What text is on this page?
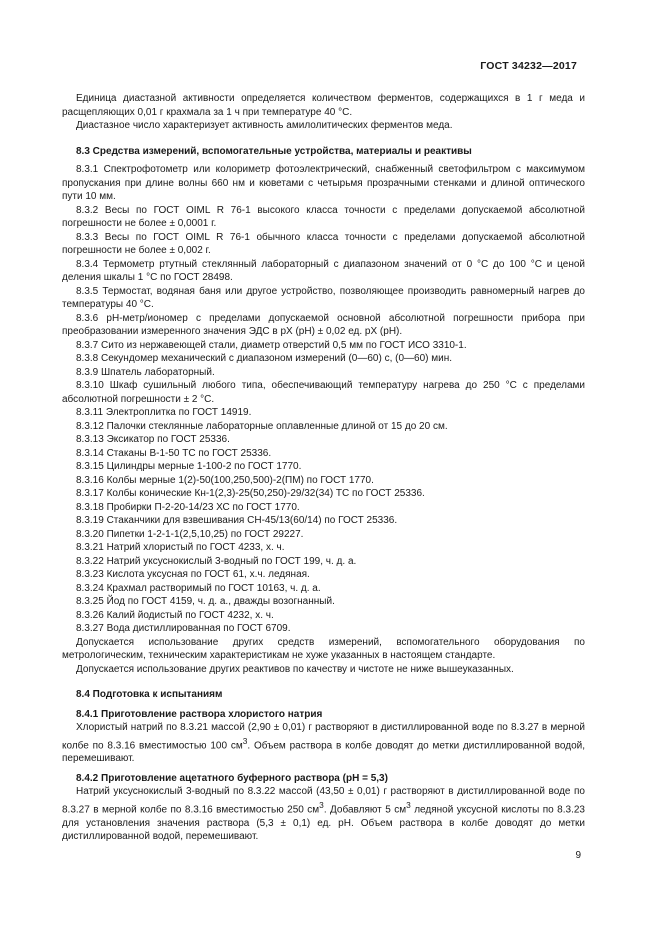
ГОСТ 34232—2017

Единица диастазной активности определяется количеством ферментов, содержащихся в 1 г меда и расщепляющих 0,01 г крахмала за 1 ч при температуре 40 °С.

Диастазное число характеризует активность амилолитических ферментов меда.

8.3 Средства измерений, вспомогательные устройства, материалы и реактивы

8.3.1 Спектрофотометр или колориметр фотоэлектрический, снабженный светофильтром с максимумом пропускания при длине волны 660 нм и кюветами с четырьмя прозрачными стенками и длиной оптического пути 10 мм.

8.3.2 Весы по ГОСТ OIML R 76-1 высокого класса точности с пределами допускаемой абсолютной погрешности не более ± 0,0001 г.

8.3.3 Весы по ГОСТ OIML R 76-1 обычного класса точности с пределами допускаемой абсолютной погрешности не более ± 0,002 г.

8.3.4 Термометр ртутный стеклянный лабораторный с диапазоном значений от 0 °С до 100 °С и ценой деления шкалы 1 °С по ГОСТ 28498.

8.3.5 Термостат, водяная баня или другое устройство, позволяющее производить равномерный нагрев до температуры 40 °С.

8.3.6 рН-метр/иономер с пределами допускаемой основной абсолютной погрешности прибора при преобразовании измеренного значения ЭДС в pX (pH) ± 0,02 ед. pX (pH).

8.3.7 Сито из нержавеющей стали, диаметр отверстий 0,5 мм по ГОСТ ИСО 3310-1.

8.3.8 Секундомер механический с диапазоном измерений (0—60) с, (0—60) мин.

8.3.9 Шпатель лабораторный.

8.3.10 Шкаф сушильный любого типа, обеспечивающий температуру нагрева до 250 °С с пределами абсолютной погрешности ± 2 °С.

8.3.11 Электроплитка по ГОСТ 14919.

8.3.12 Палочки стеклянные лабораторные оплавленные длиной от 15 до 20 см.

8.3.13 Эксикатор по ГОСТ 25336.

8.3.14 Стаканы В-1-50 ТС по ГОСТ 25336.

8.3.15 Цилиндры мерные 1-100-2 по ГОСТ 1770.

8.3.16 Колбы мерные 1(2)-50(100,250,500)-2(ПМ) по ГОСТ 1770.

8.3.17 Колбы конические Кн-1(2,3)-25(50,250)-29/32(34) ТС по ГОСТ 25336.

8.3.18 Пробирки П-2-20-14/23 ХС по ГОСТ 1770.

8.3.19 Стаканчики для взвешивания СН-45/13(60/14) по ГОСТ 25336.

8.3.20 Пипетки 1-2-1-1(2,5,10,25) по ГОСТ 29227.

8.3.21 Натрий хлористый по ГОСТ 4233, х. ч.

8.3.22 Натрий уксуснокислый 3-водный по ГОСТ 199, ч. д. а.

8.3.23 Кислота уксусная по ГОСТ 61, х.ч. ледяная.

8.3.24 Крахмал растворимый по ГОСТ 10163, ч. д. а.

8.3.25 Йод по ГОСТ 4159, ч. д. а., дважды возогнанный.

8.3.26 Калий йодистый по ГОСТ 4232, х. ч.

8.3.27 Вода дистиллированная по ГОСТ 6709.

Допускается использование других средств измерений, вспомогательного оборудования по метрологическим, техническим характеристикам не хуже указанных в настоящем стандарте.

Допускается использование других реактивов по качеству и чистоте не ниже вышеуказанных.

8.4 Подготовка к испытаниям

8.4.1 Приготовление раствора хлористого натрия

Хлористый натрий по 8.3.21 массой (2,90 ± 0,01) г растворяют в дистиллированной воде по 8.3.27 в мерной колбе по 8.3.16 вместимостью 100 $см^3$. Объем раствора в колбе доводят до метки дистиллированной водой, перемешивают.

8.4.2 Приготовление ацетатного буферного раствора (рН = 5,3)

Натрий уксуснокислый 3-водный по 8.3.22 массой (43,50 ± 0,01) г растворяют в дистиллированной воде по 8.3.27 в мерной колбе по 8.3.16 вместимостью 250 $см^3$. Добавляют 5 $см^3$ ледяной уксусной кислоты по 8.3.23 для установления значения раствора (5,3 ± 0,1) ед. рН. Объем раствора в колбе доводят до метки дистиллированной водой, перемешивают.

9
